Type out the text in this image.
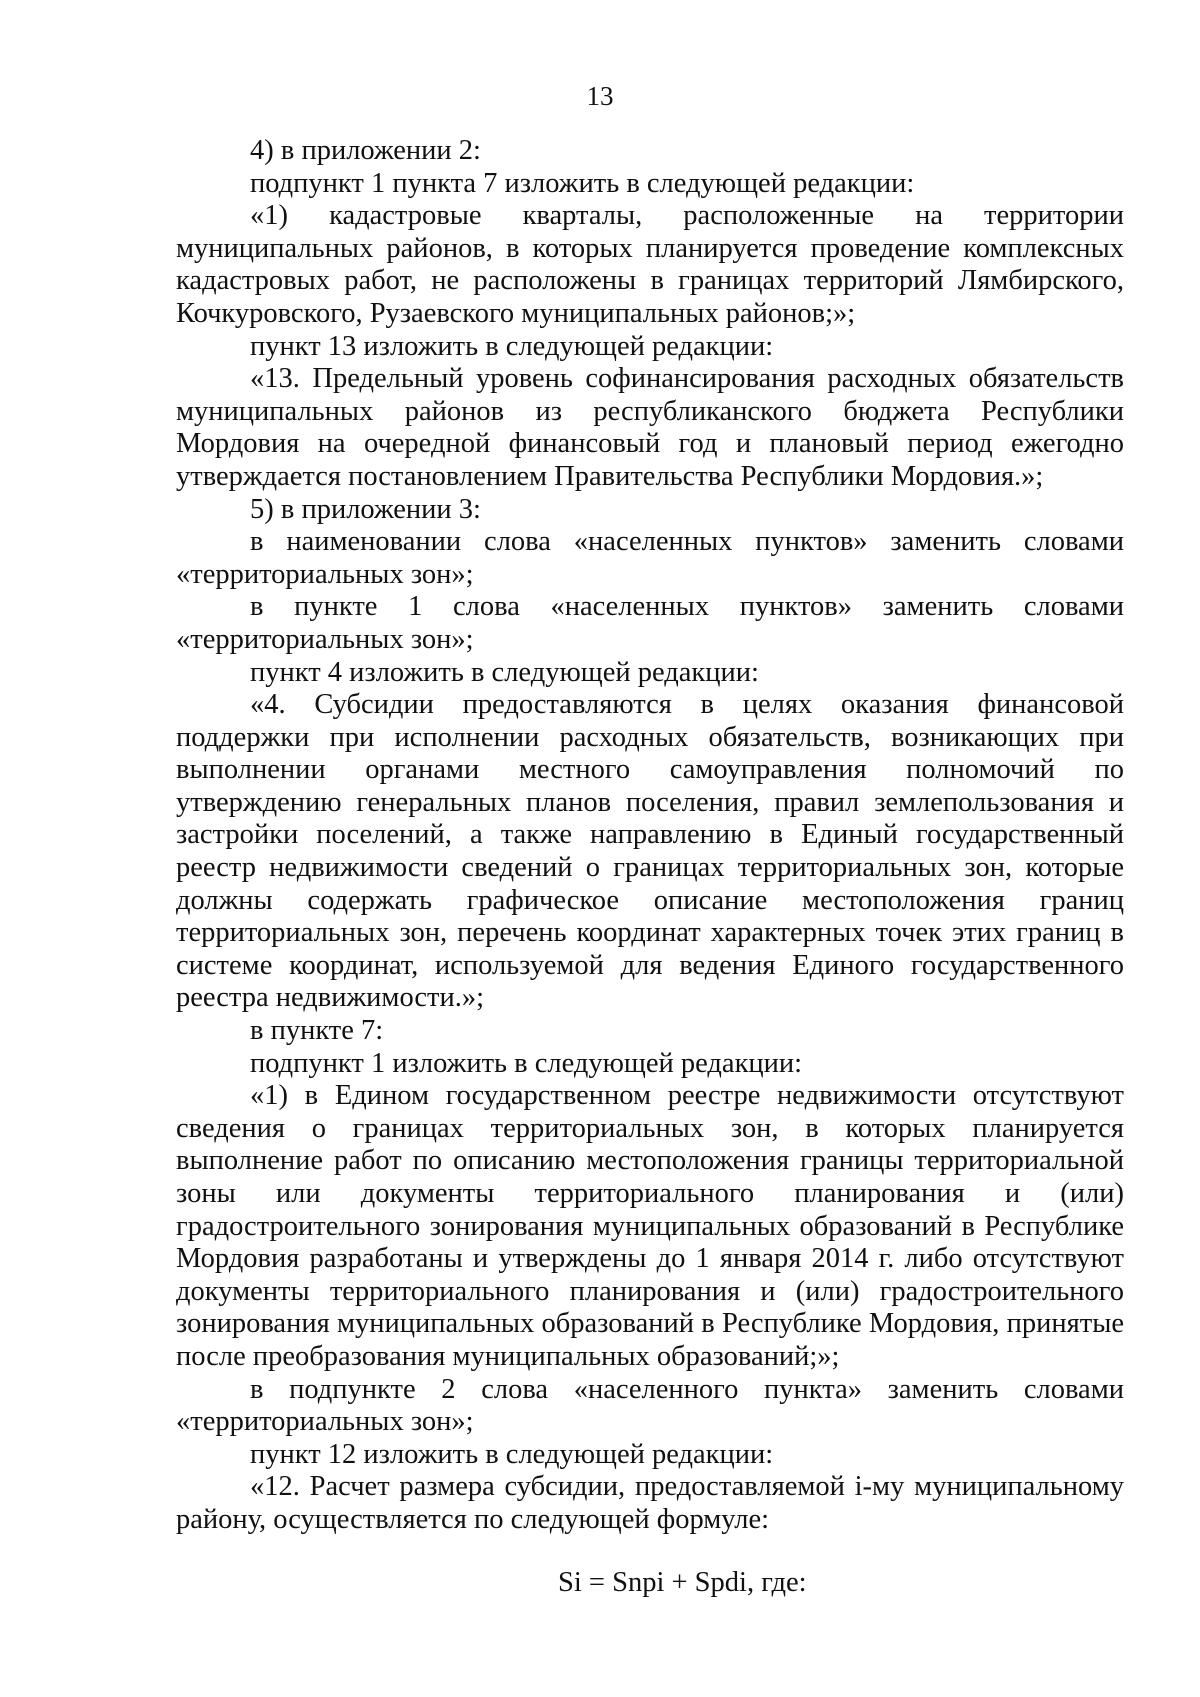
13

4) в приложении 2:

подпункт 1 пункта 7 изложить в следующей редакции:

«1) кадастровые кварталы, расположенные на территории муниципальных районов, в которых планируется проведение комплексных кадастровых работ, не расположены в границах территорий Лямбирского, Кочкуровского, Рузаевского муниципальных районов;»;

пункт 13 изложить в следующей редакции:

«13. Предельный уровень софинансирования расходных обязательств муниципальных районов из республиканского бюджета Республики Мордовия на очередной финансовый год и плановый период ежегодно утверждается постановлением Правительства Республики Мордовия.»;

5) в приложении 3:

в наименовании слова «населенных пунктов» заменить словами «территориальных зон»;

в пункте 1 слова «населенных пунктов» заменить словами «территориальных зон»;

пункт 4 изложить в следующей редакции:

«4. Субсидии предоставляются в целях оказания финансовой поддержки при исполнении расходных обязательств, возникающих при выполнении органами местного самоуправления полномочий по утверждению генеральных планов поселения, правил землепользования и застройки поселений, а также направлению в Единый государственный реестр недвижимости сведений о границах территориальных зон, которые должны содержать графическое описание местоположения границ территориальных зон, перечень координат характерных точек этих границ в системе координат, используемой для ведения Единого государственного реестра недвижимости.»;

в пункте 7:

подпункт 1 изложить в следующей редакции:

«1) в Едином государственном реестре недвижимости отсутствуют сведения о границах территориальных зон, в которых планируется выполнение работ по описанию местоположения границы территориальной зоны или документы территориального планирования и (или) градостроительного зонирования муниципальных образований в Республике Мордовия разработаны и утверждены до 1 января 2014 г. либо отсутствуют документы территориального планирования и (или) градостроительного зонирования муниципальных образований в Республике Мордовия, принятые после преобразования муниципальных образований;»;

в подпункте 2 слова «населенного пункта» заменить словами «территориальных зон»;

пункт 12 изложить в следующей редакции:

«12. Расчет размера субсидии, предоставляемой i-му муниципальному району, осуществляется по следующей формуле:

Si = Snpi + Spdi, где:
